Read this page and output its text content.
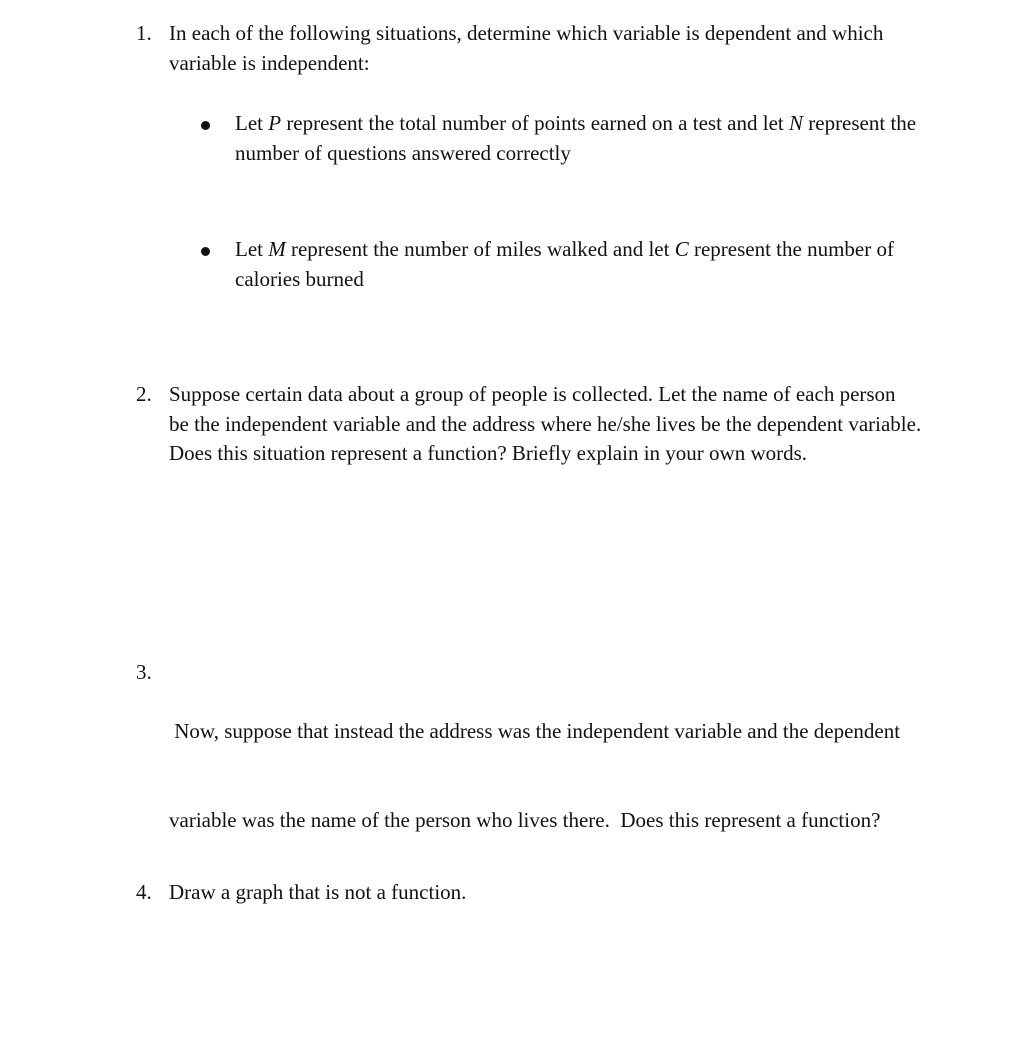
1. In each of the following situations, determine which variable is dependent and which
variable is independent:
Let P represent the total number of points earned on a test and let N represent the
number of questions answered correctly
Let M represent the number of miles walked and let C represent the number of
calories burned
2. Suppose certain data about a group of people is collected. Let the name of each person
be the independent variable and the address where he/she lives be the dependent variable.
Does this situation represent a function? Briefly explain in your own words.
3.

Now, suppose that instead the address was the independent variable and the dependent

variable was the name of the person who lives there.  Does this represent a function?

4. Draw a graph that is not a function.
